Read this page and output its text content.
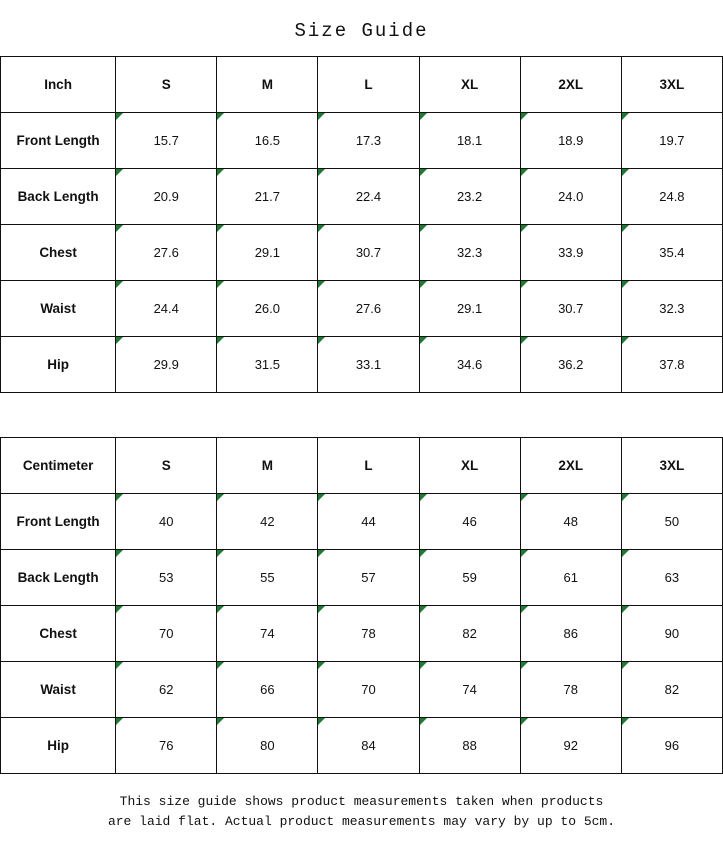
Size Guide
Inch	S	M	L	XL	2XL	3XL
Front Length	15.7	16.5	17.3	18.1	18.9	19.7
Back Length	20.9	21.7	22.4	23.2	24.0	24.8
Chest	27.6	29.1	30.7	32.3	33.9	35.4
Waist	24.4	26.0	27.6	29.1	30.7	32.3
Hip	29.9	31.5	33.1	34.6	36.2	37.8
Centimeter	S	M	L	XL	2XL	3XL
Front Length	40	42	44	46	48	50
Back Length	53	55	57	59	61	63
Chest	70	74	78	82	86	90
Waist	62	66	70	74	78	82
Hip	76	80	84	88	92	96
This size guide shows product measurements taken when products
are laid flat. Actual product measurements may vary by up to 5cm.
